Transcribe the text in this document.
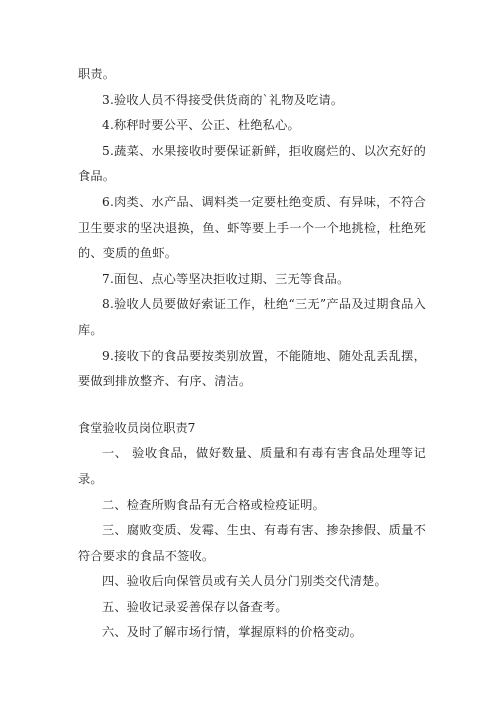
职责。

3.验收人员不得接受供货商的`礼物及吃请。

4.称秤时要公平、公正、杜绝私心。

5.蔬菜、水果接收时要保证新鲜，拒收腐烂的、以次充好的食品。

6.肉类、水产品、调料类一定要杜绝变质、有异味，不符合卫生要求的坚决退换，鱼、虾等要上手一个一个地挑检，杜绝死的、变质的鱼虾。

7.面包、点心等坚决拒收过期、三无等食品。

8.验收人员要做好索证工作，杜绝“三无”产品及过期食品入库。

9.接收下的食品要按类别放置，不能随地、随处乱丢乱摆，要做到排放整齐、有序、清洁。

食堂验收员岗位职责7

一、 验收食品，做好数量、质量和有毒有害食品处理等记录。

二、检查所购食品有无合格或检疫证明。

三、腐败变质、发霉、生虫、有毒有害、掺杂掺假、质量不符合要求的食品不签收。

四、验收后向保管员或有关人员分门别类交代清楚。

五、验收记录妥善保存以备查考。

六、及时了解市场行情，掌握原料的价格变动。
